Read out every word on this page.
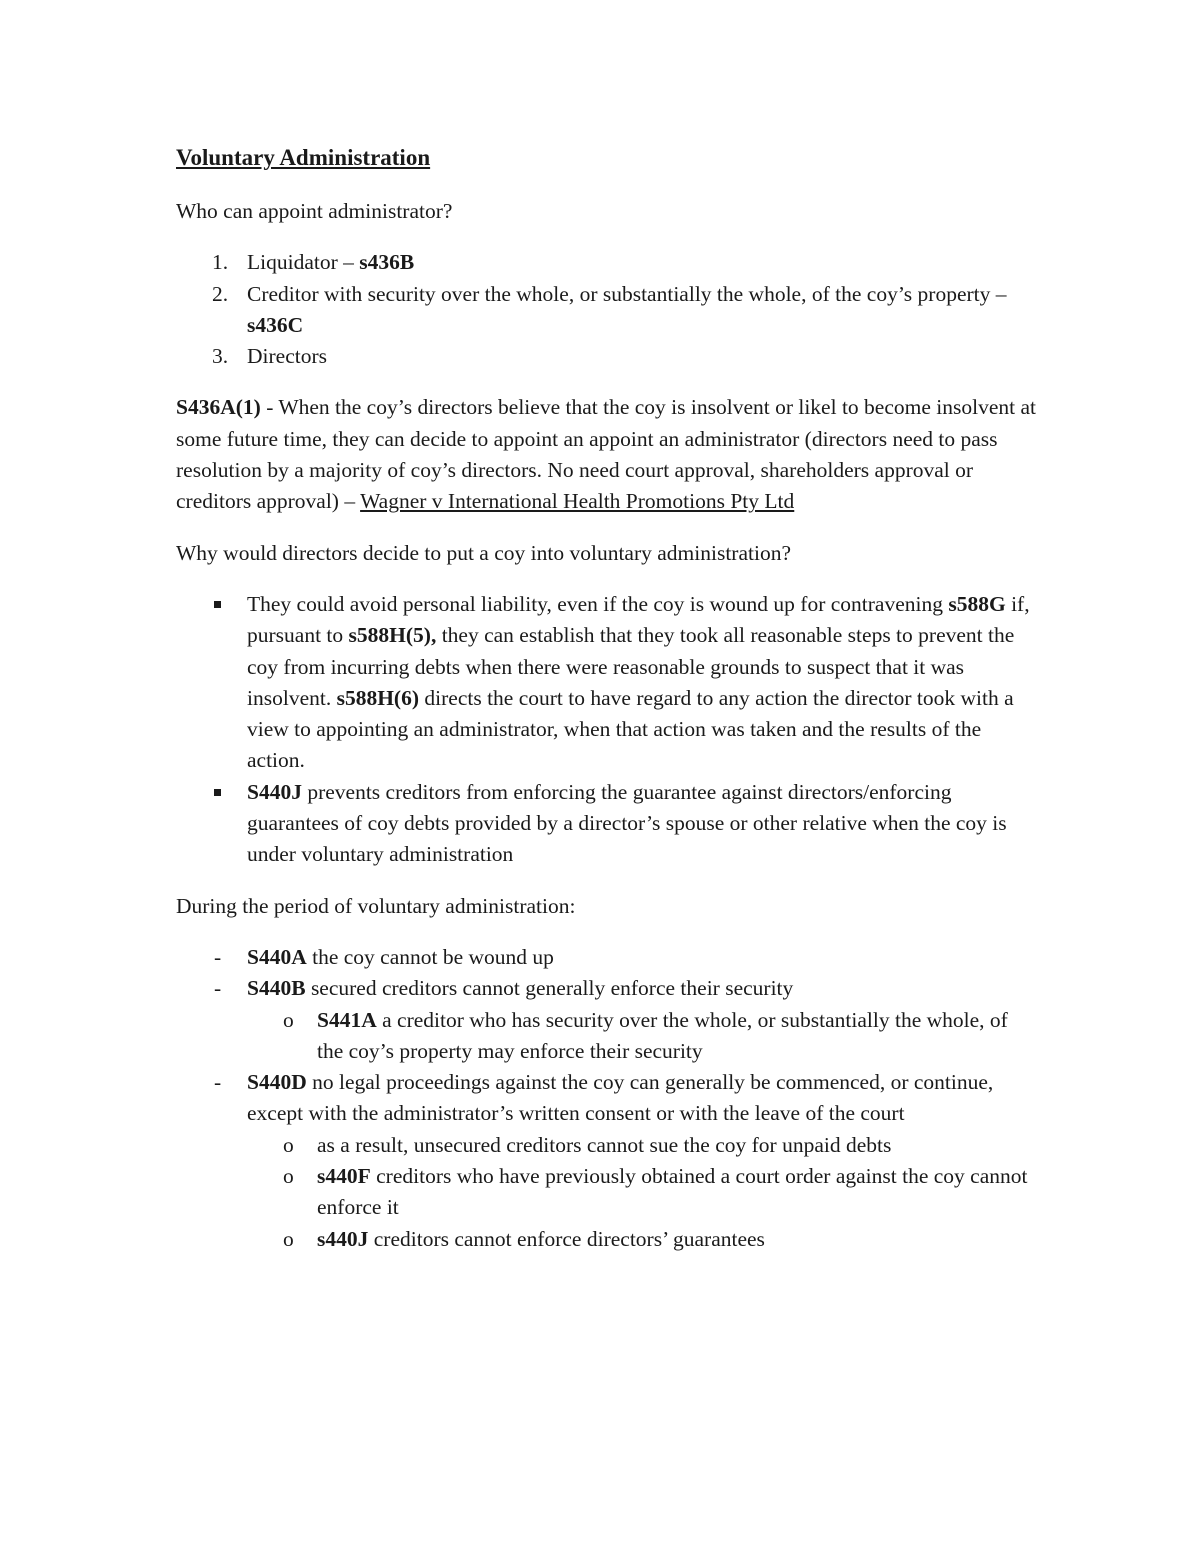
Voluntary Administration

Who can appoint administrator?

1. Liquidator – s436B
2. Creditor with security over the whole, or substantially the whole, of the coy’s property – s436C
3. Directors

S436A(1) - When the coy’s directors believe that the coy is insolvent or likel to become insolvent at some future time, they can decide to appoint an appoint an administrator (directors need to pass resolution by a majority of coy’s directors. No need court approval, shareholders approval or creditors approval) – Wagner v International Health Promotions Pty Ltd

Why would directors decide to put a coy into voluntary administration?

They could avoid personal liability, even if the coy is wound up for contravening s588G if, pursuant to s588H(5), they can establish that they took all reasonable steps to prevent the coy from incurring debts when there were reasonable grounds to suspect that it was insolvent. s588H(6) directs the court to have regard to any action the director took with a view to appointing an administrator, when that action was taken and the results of the action.
S440J prevents creditors from enforcing the guarantee against directors/enforcing guarantees of coy debts provided by a director’s spouse or other relative when the coy is under voluntary administration

During the period of voluntary administration:

- S440A the coy cannot be wound up
- S440B secured creditors cannot generally enforce their security
o S441A a creditor who has security over the whole, or substantially the whole, of the coy’s property may enforce their security
- S440D no legal proceedings against the coy can generally be commenced, or continue, except with the administrator’s written consent or with the leave of the court
o as a result, unsecured creditors cannot sue the coy for unpaid debts
o s440F creditors who have previously obtained a court order against the coy cannot enforce it
o s440J creditors cannot enforce directors’ guarantees
